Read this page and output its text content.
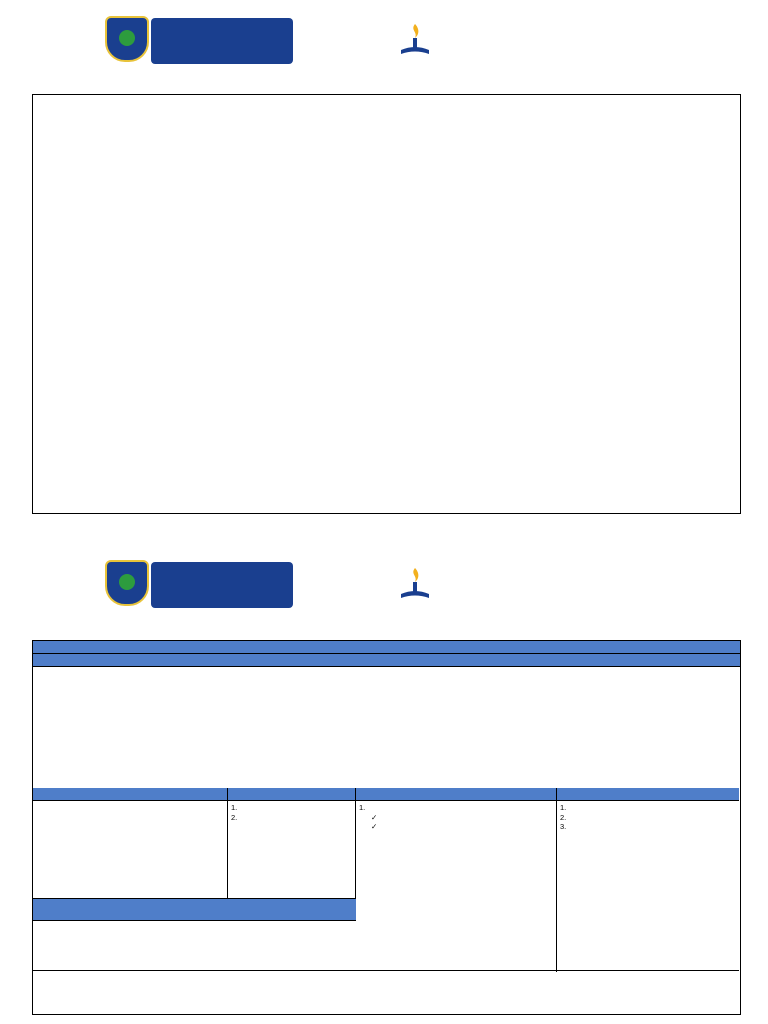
1.

2.

1.
✓
✓
1.
2.
3.
